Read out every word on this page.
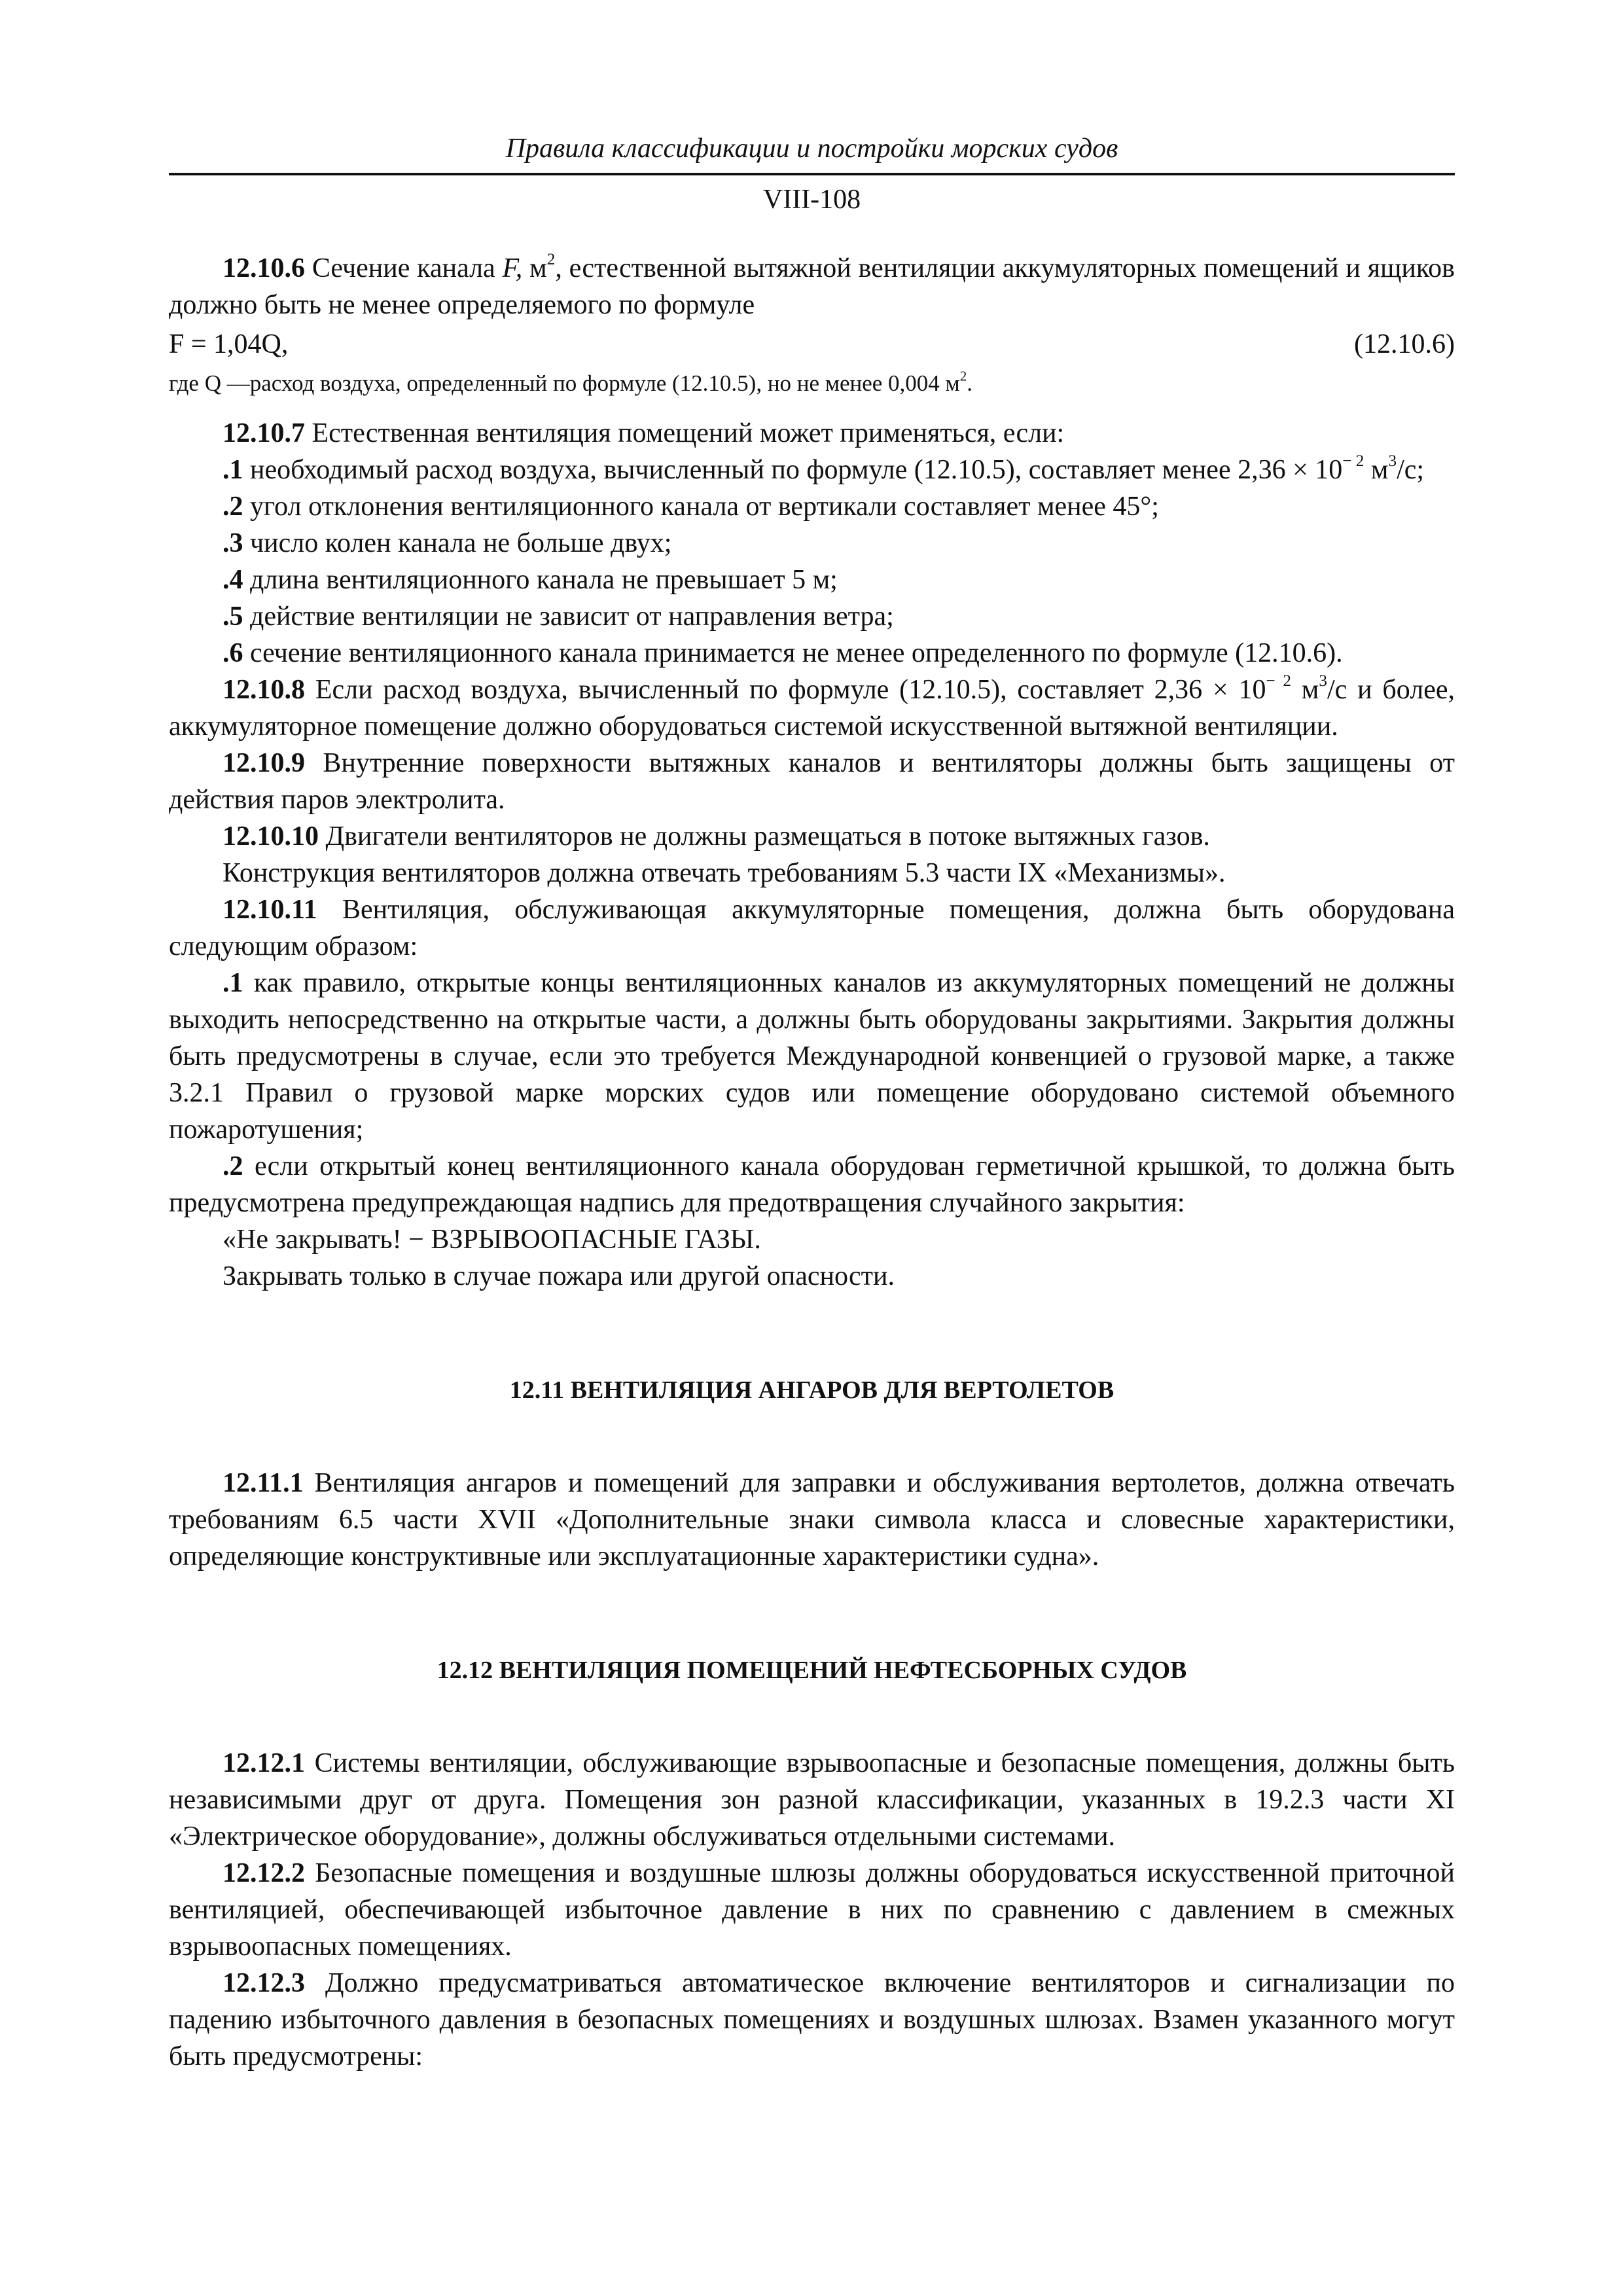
Правила классификации и постройки морских судов
VIII-108

12.10.6 Сечение канала F, $м^2$, естественной вытяжной вентиляции аккумуляторных помещений и ящиков должно быть не менее определяемого по формуле

F = 1,04Q,	(12.10.6)

где Q —расход воздуха, определенный по формуле (12.10.5), но не менее 0,004 $м^2$.

12.10.7 Естественная вентиляция помещений может применяться, если:

.1 необходимый расход воздуха, вычисленный по формуле (12.10.5), составляет менее $2,36 \times 10^{- 2}$ $м^3/с$;

.2 угол отклонения вентиляционного канала от вертикали составляет менее 45°;

.3 число колен канала не больше двух;

.4 длина вентиляционного канала не превышает 5 м;

.5 действие вентиляции не зависит от направления ветра;

.6 сечение вентиляционного канала принимается не менее определенного по формуле (12.10.6).

12.10.8 Если расход воздуха, вычисленный по формуле (12.10.5), составляет $2,36 \times 10^{- 2}$ $м^3/с$ и более, аккумуляторное помещение должно оборудоваться системой искусственной вытяжной вентиляции.

12.10.9 Внутренние поверхности вытяжных каналов и вентиляторы должны быть защищены от действия паров электролита.

12.10.10 Двигатели вентиляторов не должны размещаться в потоке вытяжных газов.

Конструкция вентиляторов должна отвечать требованиям 5.3 части IX «Механизмы».

12.10.11 Вентиляция, обслуживающая аккумуляторные помещения, должна быть оборудована следующим образом:

.1 как правило, открытые концы вентиляционных каналов из аккумуляторных помещений не должны выходить непосредственно на открытые части, а должны быть оборудованы закрытиями. Закрытия должны быть предусмотрены в случае, если это требуется Международной конвенцией о грузовой марке, а также 3.2.1 Правил о грузовой марке морских судов или помещение оборудовано системой объемного пожаротушения;

.2 если открытый конец вентиляционного канала оборудован герметичной крышкой, то должна быть предусмотрена предупреждающая надпись для предотвращения случайного закрытия:

«Не закрывать! − ВЗРЫВООПАСНЫЕ ГАЗЫ.

Закрывать только в случае пожара или другой опасности.

12.11 ВЕНТИЛЯЦИЯ АНГАРОВ ДЛЯ ВЕРТОЛЕТОВ

12.11.1 Вентиляция ангаров и помещений для заправки и обслуживания вертолетов, должна отвечать требованиям 6.5 части XVII «Дополнительные знаки символа класса и словесные характеристики, определяющие конструктивные или эксплуатационные характеристики судна».

12.12 ВЕНТИЛЯЦИЯ ПОМЕЩЕНИЙ НЕФТЕСБОРНЫХ СУДОВ

12.12.1 Системы вентиляции, обслуживающие взрывоопасные и безопасные помещения, должны быть независимыми друг от друга. Помещения зон разной классификации, указанных в 19.2.3 части XI «Электрическое оборудование», должны обслуживаться отдельными системами.

12.12.2 Безопасные помещения и воздушные шлюзы должны оборудоваться искусственной приточной вентиляцией, обеспечивающей избыточное давление в них по сравнению с давлением в смежных взрывоопасных помещениях.

12.12.3 Должно предусматриваться автоматическое включение вентиляторов и сигнализации по падению избыточного давления в безопасных помещениях и воздушных шлюзах. Взамен указанного могут быть предусмотрены:
